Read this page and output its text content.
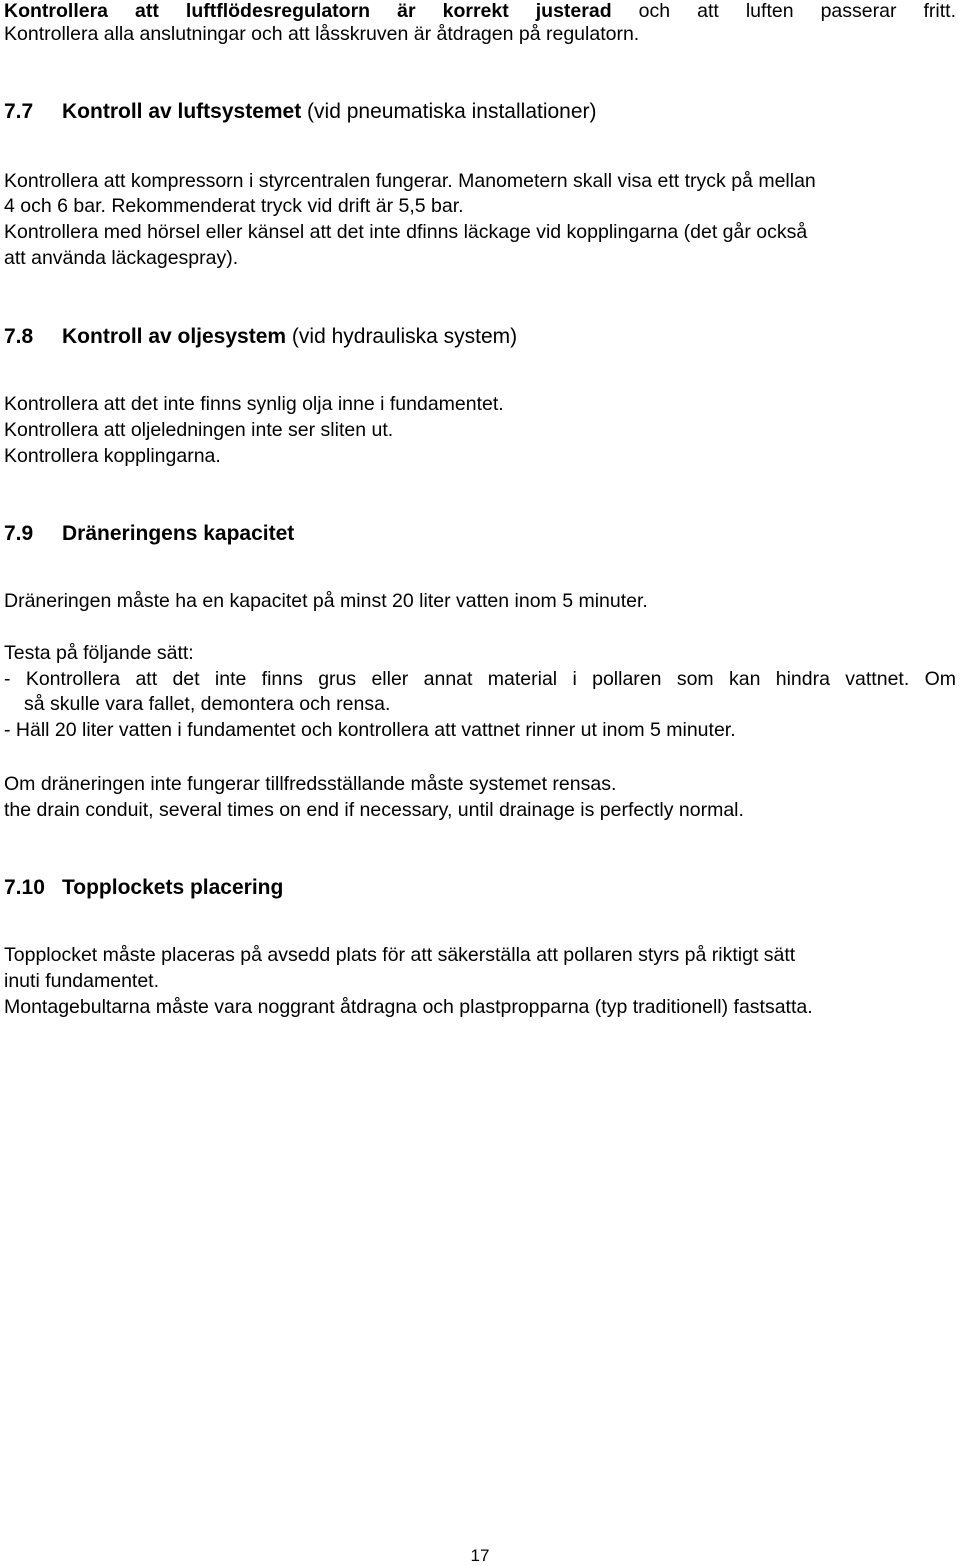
Kontrollera att luftflödesregulatorn är korrekt justerad och att luften passerar fritt.
Kontrollera alla anslutningar och att låsskruven är åtdragen på regulatorn.
7.7 Kontroll av luftsystemet (vid pneumatiska installationer)
Kontrollera att kompressorn i styrcentralen fungerar. Manometern skall visa ett tryck på mellan
4 och 6 bar. Rekommenderat tryck vid drift är 5,5 bar.
Kontrollera med hörsel eller känsel att det inte dfinns läckage vid kopplingarna (det går också
att använda läckagespray).
7.8 Kontroll av oljesystem (vid hydrauliska system)
Kontrollera att det inte finns synlig olja inne i fundamentet.
Kontrollera att oljeledningen inte ser sliten ut.
Kontrollera kopplingarna.
7.9 Dräneringens kapacitet
Dräneringen måste ha en kapacitet på minst 20 liter vatten inom 5 minuter.
Testa på följande sätt:
- Kontrollera att det inte finns grus eller annat material i pollaren som kan hindra vattnet. Om
så skulle vara fallet, demontera och rensa.
- Häll 20 liter vatten i fundamentet och kontrollera att vattnet rinner ut inom 5 minuter.
Om dräneringen inte fungerar tillfredsställande måste systemet rensas.
the drain conduit, several times on end if necessary, until drainage is perfectly normal.
7.10 Topplockets placering
Topplocket måste placeras på avsedd plats för att säkerställa att pollaren styrs på riktigt sätt
inuti fundamentet.
Montagebultarna måste vara noggrant åtdragna och plastpropparna (typ traditionell) fastsatta.
17
